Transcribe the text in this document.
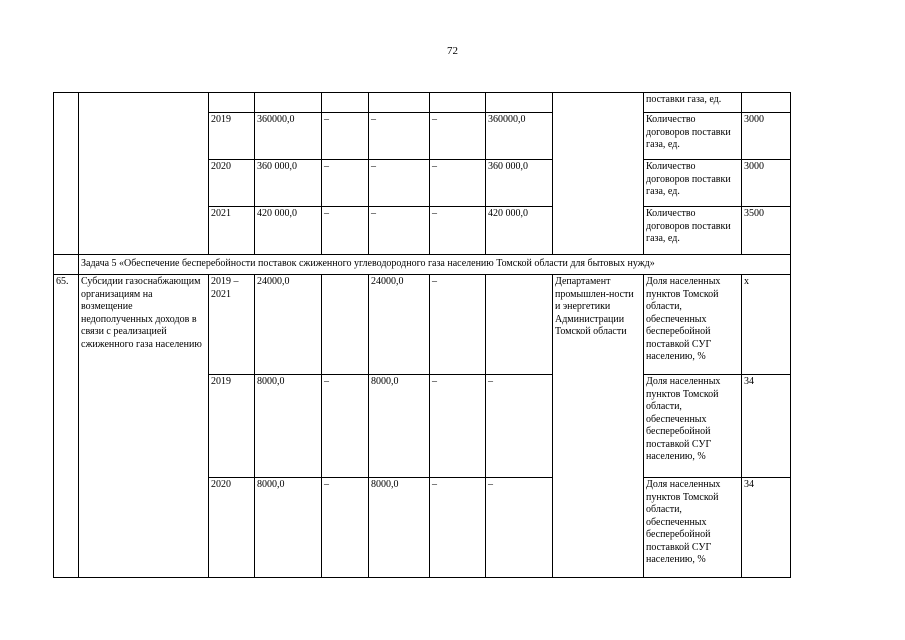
72
									поставки газа, ед.	
		2019	360000,0	–	–	–	360000,0		Количество договоров поставки газа, ед.	3000
		2020	360 000,0	–	–	–	360 000,0		Количество договоров поставки газа, ед.	3000
		2021	420 000,0	–	–	–	420 000,0		Количество договоров поставки газа, ед.	3500
	Задача 5 «Обеспечение бесперебойности поставок сжиженного углеводородного газа населению Томской области для бытовых нужд»									
65.	Субсидии газоснабжающим организациям на возмещение недополученных доходов в связи с реализацией сжиженного газа населению	2019 – 2021	24000,0		24000,0	–		Департамент промышлен-ности и энергетики Администрации Томской области	Доля населенных пунктов Томской области, обеспеченных бесперебойной поставкой СУГ населению, %	x
		2019	8000,0	–	8000,0	–	–		Доля населенных пунктов Томской области, обеспеченных бесперебойной поставкой СУГ населению, %	34
		2020	8000,0	–	8000,0	–	–		Доля населенных пунктов Томской области, обеспеченных бесперебойной поставкой СУГ населению, %	34
